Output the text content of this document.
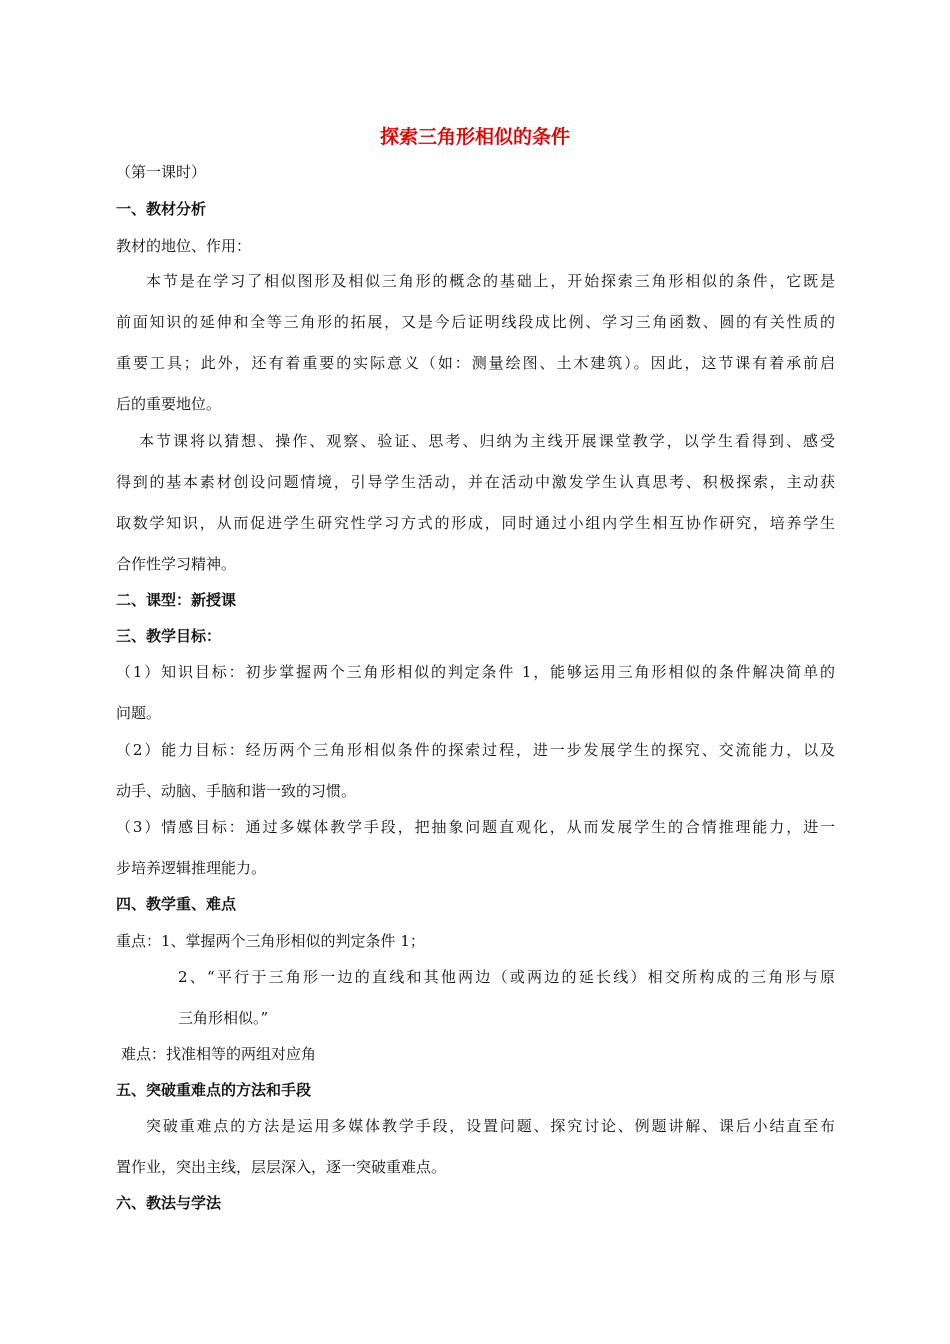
探索三角形相似的条件
（第一课时）
一、教材分析
教材的地位、作用：
本节是在学习了相似图形及相似三角形的概念的基础上，开始探索三角形相似的条件，它既是
前面知识的延伸和全等三角形的拓展，又是今后证明线段成比例、学习三角函数、圆的有关性质的
重要工具；此外，还有着重要的实际意义（如：测量绘图、土木建筑）。因此，这节课有着承前启
后的重要地位。
本节课将以猜想、操作、观察、验证、思考、归纳为主线开展课堂教学，以学生看得到、感受
得到的基本素材创设问题情境，引导学生活动，并在活动中激发学生认真思考、积极探索，主动获
取数学知识，从而促进学生研究性学习方式的形成，同时通过小组内学生相互协作研究，培养学生
合作性学习精神。
二、课型：新授课
三、教学目标：
（1）知识目标：初步掌握两个三角形相似的判定条件 1，能够运用三角形相似的条件解决简单的
问题。
（2）能力目标：经历两个三角形相似条件的探索过程，进一步发展学生的探究、交流能力，以及
动手、动脑、手脑和谐一致的习惯。
（3）情感目标：通过多媒体教学手段，把抽象问题直观化，从而发展学生的合情推理能力，进一
步培养逻辑推理能力。
四、教学重、难点
重点：1、掌握两个三角形相似的判定条件 1；
2、“平行于三角形一边的直线和其他两边（或两边的延长线）相交所构成的三角形与原
三角形相似。”
难点：找准相等的两组对应角
五、突破重难点的方法和手段
突破重难点的方法是运用多媒体教学手段，设置问题、探究讨论、例题讲解、课后小结直至布
置作业，突出主线，层层深入，逐一突破重难点。
六、教法与学法
